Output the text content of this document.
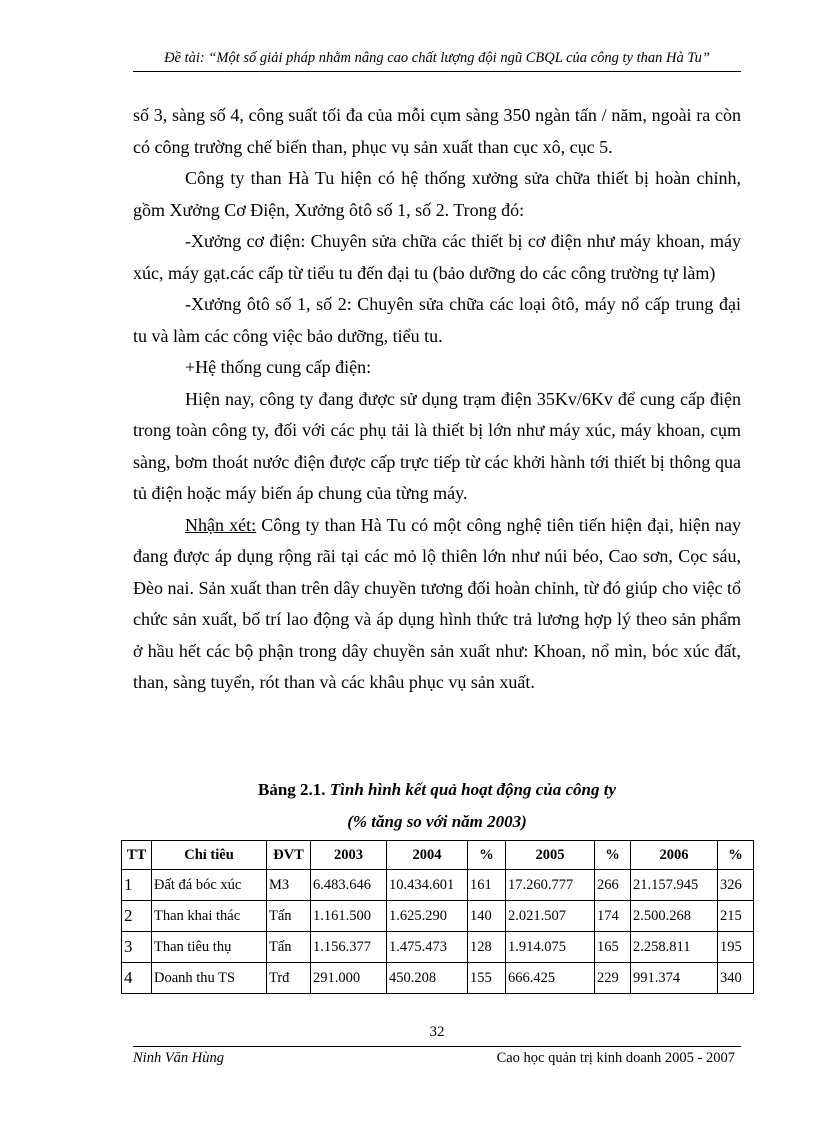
Đề tài: “Một số giải pháp nhằm nâng cao chất lượng đội ngũ CBQL của công ty than Hà Tu”

số 3, sàng số 4, công suất tối đa của mỗi cụm sàng 350 ngàn tấn / năm, ngoài ra còn có công trường chế biến than, phục vụ sản xuất than cục xô, cục 5.

Công ty than Hà Tu hiện có hệ thống xưởng sửa chữa thiết bị hoàn chỉnh, gồm Xưởng Cơ Điện, Xưởng ôtô số 1, số 2. Trong đó:

-Xưởng cơ điện: Chuyên sửa chữa các thiết bị cơ điện như máy khoan, máy xúc, máy gạt.các cấp từ tiểu tu đến đại tu (bảo dưỡng do các công trường tự làm)

-Xưởng ôtô số 1, số 2: Chuyên sửa chữa các loại ôtô, máy nổ cấp trung đại tu và làm các công việc bảo dưỡng, tiểu tu.

+Hệ thống cung cấp điện:

Hiện nay, công ty đang được sử dụng trạm điện 35Kv/6Kv để cung cấp điện trong toàn công ty, đối với các phụ tải là thiết bị lớn như máy xúc, máy khoan, cụm sàng, bơm thoát nước điện được cấp trực tiếp từ các khởi hành tới thiết bị thông qua tủ điện hoặc máy biến áp chung của từng máy.

Nhận xét: Công ty than Hà Tu có một công nghệ tiên tiến hiện đại, hiện nay đang được áp dụng rộng rãi tại các mỏ lộ thiên lớn như núi béo, Cao sơn, Cọc sáu, Đèo nai. Sản xuất than trên dây chuyền tương đối hoàn chỉnh, từ đó giúp cho việc tổ chức sản xuất, bố trí lao động và áp dụng hình thức trả lương hợp lý theo sản phẩm ở hầu hết các bộ phận trong dây chuyền sản xuất như: Khoan, nổ mìn, bóc xúc đất, than, sàng tuyển, rót than và các khâu phục vụ sản xuất.

Bảng 2.1. Tình hình kết quả hoạt động của công ty
(% tăng so với năm 2003)
TT	Chỉ tiêu	ĐVT	2003	2004	%	2005	%	2006	%
1	Đất đá bóc xúc	M3	6.483.646	10.434.601	161	17.260.777	266	21.157.945	326
2	Than khai thác	Tấn	1.161.500	1.625.290	140	2.021.507	174	2.500.268	215
3	Than tiêu thụ	Tấn	1.156.377	1.475.473	128	1.914.075	165	2.258.811	195
4	Doanh thu TS	Trđ	291.000	450.208	155	666.425	229	991.374	340
32
Ninh Văn Hùng	Cao học quản trị kinh doanh 2005 - 2007
